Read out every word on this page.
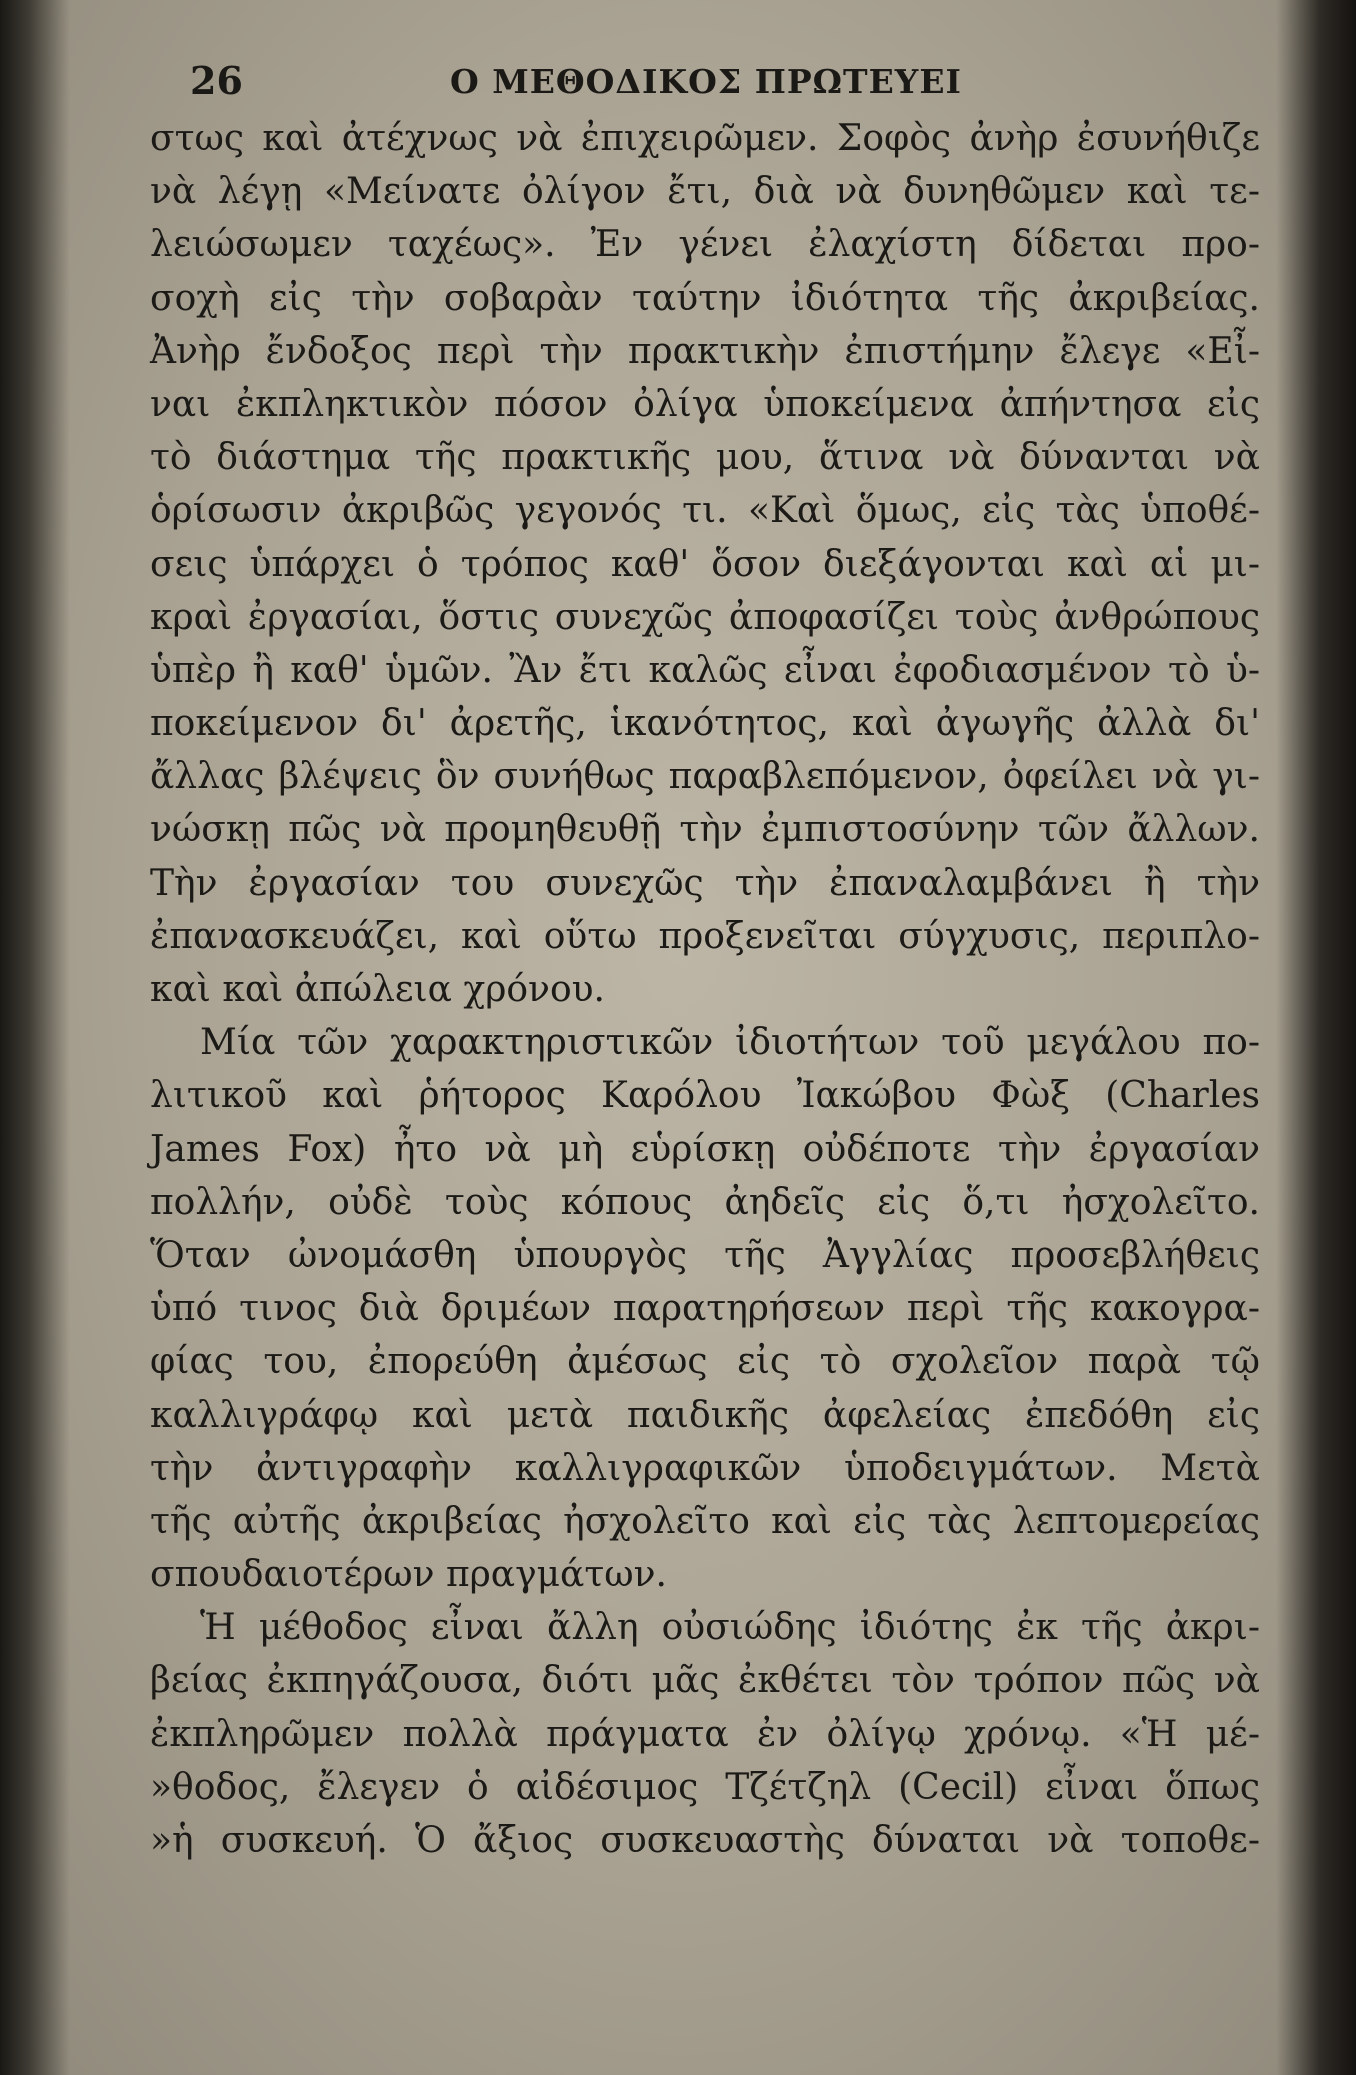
26	Ο ΜΕΘΟΔΙΚΟΣ ΠΡΩΤΕΥΕΙ
στως καὶ ἀτέχνως νὰ ἐπιχειρῶμεν. Σοφὸς ἀνὴρ ἐσυνήθιζε
νὰ λέγῃ «Μείνατε ὀλίγον ἔτι, διὰ νὰ δυνηθῶμεν καὶ τε-
λειώσωμεν ταχέως». Ἐν γένει ἐλαχίστη δίδεται προ-
σοχὴ εἰς τὴν σοβαρὰν ταύτην ἰδιότητα τῆς ἀκριβείας.
Ἀνὴρ ἔνδοξος περὶ τὴν πρακτικὴν ἐπιστήμην ἔλεγε «Εἶ-
ναι ἐκπληκτικὸν πόσον ὀλίγα ὑποκείμενα ἀπήντησα εἰς
τὸ διάστημα τῆς πρακτικῆς μου, ἅτινα νὰ δύνανται νὰ
ὁρίσωσιν ἀκριβῶς γεγονός τι. «Καὶ ὅμως, εἰς τὰς ὑποθέ-
σεις ὑπάρχει ὁ τρόπος καθ' ὅσον διεξάγονται καὶ αἱ μι-
κραὶ ἐργασίαι, ὅστις συνεχῶς ἀποφασίζει τοὺς ἀνθρώπους
ὑπὲρ ἢ καθ' ὑμῶν. Ἂν ἔτι καλῶς εἶναι ἐφοδιασμένον τὸ ὑ-
ποκείμενον δι' ἀρετῆς, ἱκανότητος, καὶ ἀγωγῆς ἀλλὰ δι'
ἄλλας βλέψεις ὃν συνήθως παραβλεπόμενον, ὀφείλει νὰ γι-
νώσκῃ πῶς νὰ προμηθευθῇ τὴν ἐμπιστοσύνην τῶν ἄλλων.
Τὴν ἐργασίαν του συνεχῶς τὴν ἐπαναλαμβάνει ἢ τὴν
ἐπανασκευάζει, καὶ οὕτω προξενεῖται σύγχυσις, περιπλο-
καὶ καὶ ἀπώλεια χρόνου.
Μία τῶν χαρακτηριστικῶν ἰδιοτήτων τοῦ μεγάλου πο-
λιτικοῦ καὶ ῥήτορος Καρόλου Ἰακώβου Φὼξ (Charles
James Fox) ἦτο νὰ μὴ εὑρίσκῃ οὐδέποτε τὴν ἐργασίαν
πολλήν, οὐδὲ τοὺς κόπους ἀηδεῖς εἰς ὅ,τι ἠσχολεῖτο.
Ὅταν ὠνομάσθη ὑπουργὸς τῆς Ἀγγλίας προσεβλήθεις
ὑπό τινος διὰ δριμέων παρατηρήσεων περὶ τῆς κακογρα-
φίας του, ἐπορεύθη ἀμέσως εἰς τὸ σχολεῖον παρὰ τῷ
καλλιγράφῳ καὶ μετὰ παιδικῆς ἀφελείας ἐπεδόθη εἰς
τὴν ἀντιγραφὴν καλλιγραφικῶν ὑποδειγμάτων. Μετὰ
τῆς αὐτῆς ἀκριβείας ἠσχολεῖτο καὶ εἰς τὰς λεπτομερείας
σπουδαιοτέρων πραγμάτων.
Ἡ μέθοδος εἶναι ἄλλη οὐσιώδης ἰδιότης ἐκ τῆς ἀκρι-
βείας ἐκπηγάζουσα, διότι μᾶς ἐκθέτει τὸν τρόπον πῶς νὰ
ἐκπληρῶμεν πολλὰ πράγματα ἐν ὀλίγῳ χρόνῳ. «Ἡ μέ-
»θοδος, ἔλεγεν ὁ αἰδέσιμος Τζέτζηλ (Cecil) εἶναι ὅπως
»ἡ συσκευή. Ὁ ἄξιος συσκευαστὴς δύναται νὰ τοποθε-
